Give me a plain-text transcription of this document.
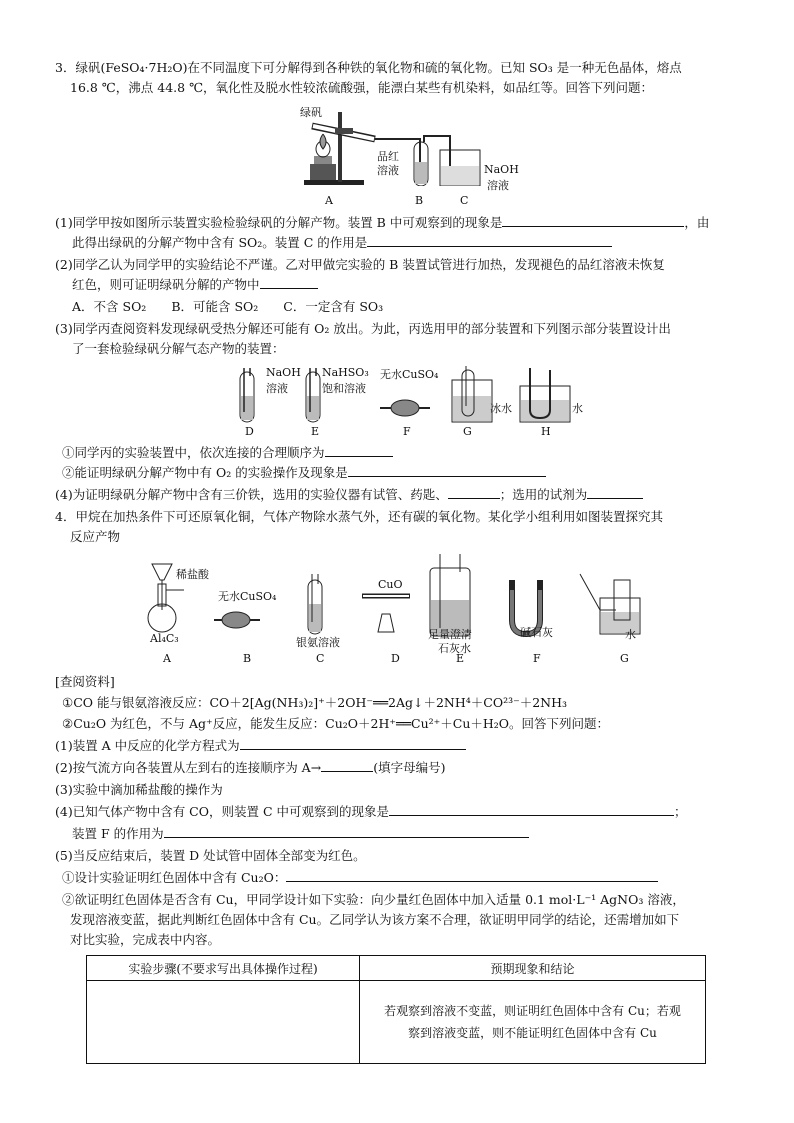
3．绿矾(FeSO₄·7H₂O)在不同温度下可分解得到各种铁的氧化物和硫的氧化物。已知 SO₃ 是一种无色晶体，熔点
16.8 ℃，沸点 44.8 ℃，氧化性及脱水性较浓硫酸强，能漂白某些有机染料，如品红等。回答下列问题：
绿矾
品红
溶液	NaOH
溶液
A	B	C
(1)同学甲按如图所示装置实验检验绿矾的分解产物。装置 B 中可观察到的现象是	，由
此得出绿矾的分解产物中含有 SO₂。装置 C 的作用是
(2)同学乙认为同学甲的实验结论不严谨。乙对甲做完实验的 B 装置试管进行加热，发现褪色的品红溶液未恢复
红色，则可证明绿矾分解的产物中
A．不含 SO₂　　B．可能含 SO₂　　C．一定含有 SO₃
(3)同学丙查阅资料发现绿矾受热分解还可能有 O₂ 放出。为此，丙选用甲的部分装置和下列图示部分装置设计出
了一套检验绿矾分解气态产物的装置：
NaOH
溶液
NaHSO₃
饱和溶液
无水CuSO₄
冰水	水
D	E	F	G	H
①同学丙的实验装置中，依次连接的合理顺序为
②能证明绿矾分解产物中有 O₂ 的实验操作及现象是
(4)为证明绿矾分解产物中含有三价铁，选用的实验仪器有试管、药匙、	；选用的试剂为
4．甲烷在加热条件下可还原氧化铜，气体产物除水蒸气外，还有碳的氧化物。某化学小组利用如图装置探究其
反应产物
稀盐酸
Al₄C₃
无水CuSO₄
银氨溶液
CuO
足量澄清
石灰水
碱石灰	水
A	B	C	D	E	F	G
[查阅资料]
①CO 能与银氨溶液反应：CO＋2[Ag(NH₃)₂]⁺＋2OH⁻══2Ag↓＋2NH⁴＋CO²³⁻＋2NH₃
②Cu₂O 为红色，不与 Ag⁺反应，能发生反应：Cu₂O＋2H⁺══Cu²⁺＋Cu＋H₂O。回答下列问题：
(1)装置 A 中反应的化学方程式为
(2)按气流方向各装置从左到右的连接顺序为 A→	(填字母编号)
(3)实验中滴加稀盐酸的操作为
(4)已知气体产物中含有 CO，则装置 C 中可观察到的现象是	；
装置 F 的作用为
(5)当反应结束后，装置 D 处试管中固体全部变为红色。
①设计实验证明红色固体中含有 Cu₂O：
②欲证明红色固体是否含有 Cu，甲同学设计如下实验：向少量红色固体中加入适量 0.1 mol·L⁻¹ AgNO₃ 溶液，
发现溶液变蓝，据此判断红色固体中含有 Cu。乙同学认为该方案不合理，欲证明甲同学的结论，还需增加如下
对比实验，完成表中内容。
实验步骤(不要求写出具体操作过程)	预期现象和结论

	若观察到溶液不变蓝，则证明红色固体中含有 Cu；若观
察到溶液变蓝，则不能证明红色固体中含有 Cu
